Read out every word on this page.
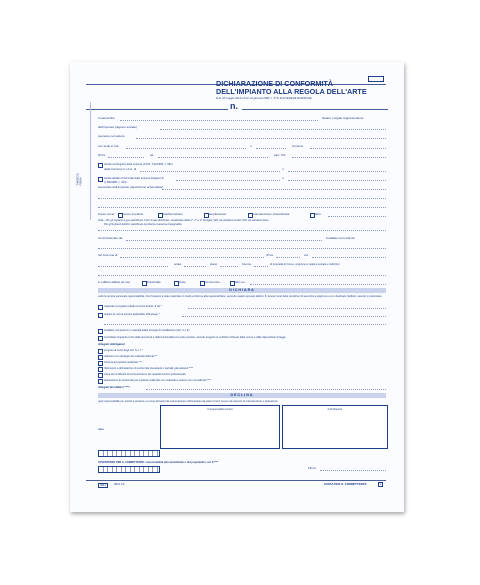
DICHIARAZIONE DI CONFORMITÀ
DELL'IMPIANTO ALLA REGOLA DELL'ARTE
D.M. 28 maggio 2013 e D.M. 22 gennaio 2008, n. 37 E SUCCESSIVE MODIFICHE
n.
TIMBRO E FIRMA
Il sottoscritto	titolare o legale rappresentante
dell'impresa (ragione sociale)
operante nel settore
con sede in Via	n.	Comune
(Prov.	tel.	part. IVA
iscritta nel Registro delle Imprese (d.P.R. 7/12/1995, n. 581)
della Camera C.I.A.A. di	n.
iscritta all'Albo Provinciale delle Imprese Artigiane di	n.
(l. 8/8/1985, n. 443)
esecutrice dell'impianto (descrizione schematica)
inteso come:	nuovo impianto	trasformazione	ampliamento	manutenzione straordinaria	altro
Nota - Per gli impianti a gas specificare il tipo di gas distribuito: canalizzato della 1°, 2° e 3° famiglia; GPL da recipienti mobili; GPL da serbatoio fisso.
Per gli impianti elettrici specificare la potenza massima impegnabile.
commissionato da:	installato nei locali siti
nel Comune di	(Prov.	via
scala	piano	interno	di proprietà di (nome, cognome o ragione sociale e indirizzo)
in edificio adibito ad uso:	industriale	civile	commercio	altri usi
DICHIARA
sotto la propria personale responsabilità, che l'impianto è stato realizzato in modo conforme alla regola dell'arte, secondo quanto previsto dall'art. 6, tenuto conto delle condizioni di esercizio e degli usi a cui è destinato l'edificio, avendo in particolare:
rispettato il progetto redatto ai sensi dell'art. 5 da *
seguito la norma tecnica applicabile all'impiego *
installato componenti e materiali adatti al luogo di installazione (artt. 5 e 6);
controllato l'impianto ai fini della sicurezza e della funzionalità con esito positivo, avendo eseguito le verifiche richieste dalle norme e dalle disposizioni di legge.
Allegati obbligatori
progetto ai sensi degli artt. 5 e 7 *
relazione con tipologie dei materiali utilizzati **
schema di impianto realizzato ***
riferimento a dichiarazioni di conformità precedenti o parziali, già esistenti ****
copia del certificato di riconoscimento dei requisiti tecnico-professionali;
attestazione di conformità per impianto realizzato con materiali e sistemi non normalizzati ****
Allegati facoltativi ****:
DECLINA
ogni responsabilità per sinistri a persone o a cose derivanti da manomissione dell'impianto da parte di terzi ovvero da carenze di manutenzione o riparazione.
data
Il responsabile tecnico	Il dichiarante
AVVERTENZE PER IL COMMITTENTE: responsabilità del committente o del proprietario, art. 8 ****
Firma
9841	3B41 GS	COPIA PER IL COMMITTENTE	1
